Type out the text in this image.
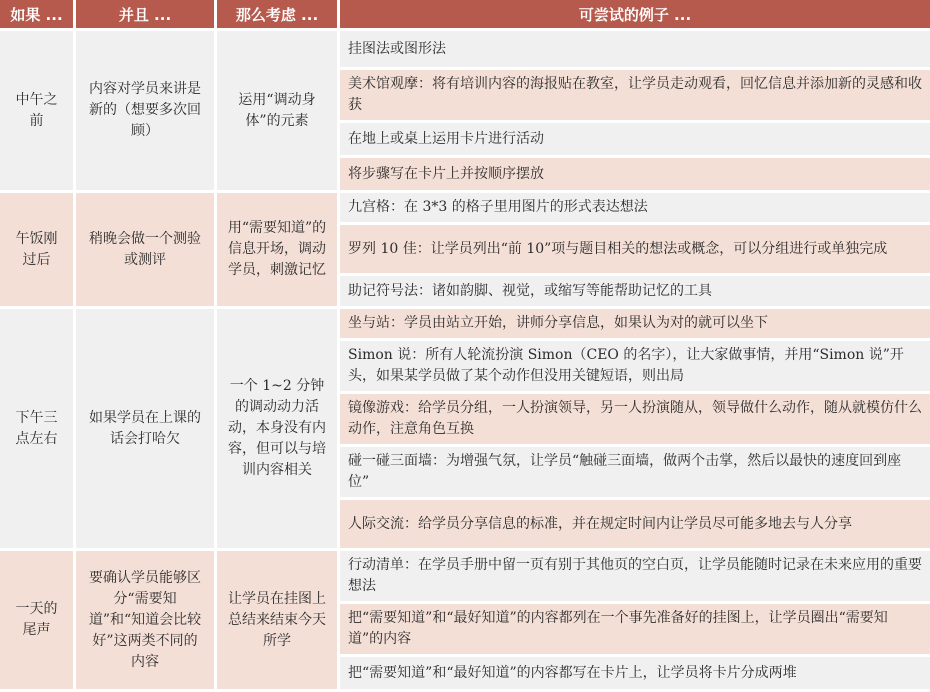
如果 ...	并且 ...	那么考虑 ...	可尝试的例子 ...
中午之前	内容对学员来讲是新的（想要多次回顾）	运用“调动身体”的元素	挂图法或图形法
			美术馆观摩：将有培训内容的海报贴在教室，让学员走动观看，回忆信息并添加新的灵感和收获
			在地上或桌上运用卡片进行活动
			将步骤写在卡片上并按顺序摆放
午饭刚过后	稍晚会做一个测验或测评	用“需要知道”的信息开场，调动学员，刺激记忆	九宫格：在 3*3 的格子里用图片的形式表达想法
			罗列 10 佳：让学员列出“前 10”项与题目相关的想法或概念，可以分组进行或单独完成
			助记符号法：诸如韵脚、视觉，或缩写等能帮助记忆的工具
下午三点左右	如果学员在上课的话会打哈欠	一个 1~2 分钟的调动动力活动，本身没有内容，但可以与培训内容相关	坐与站：学员由站立开始，讲师分享信息，如果认为对的就可以坐下
			Simon 说：所有人轮流扮演 Simon（CEO 的名字），让大家做事情，并用“Simon 说”开头，如果某学员做了某个动作但没用关键短语，则出局
			镜像游戏：给学员分组，一人扮演领导，另一人扮演随从，领导做什么动作，随从就模仿什么动作，注意角色互换
			碰一碰三面墙：为增强气氛，让学员“触碰三面墙，做两个击掌，然后以最快的速度回到座位”
			人际交流：给学员分享信息的标准，并在规定时间内让学员尽可能多地去与人分享
一天的尾声	要确认学员能够区分“需要知道”和“知道会比较好”这两类不同的内容	让学员在挂图上总结来结束今天所学	行动清单：在学员手册中留一页有别于其他页的空白页，让学员能随时记录在未来应用的重要想法
			把“需要知道”和“最好知道”的内容都列在一个事先准备好的挂图上，让学员圈出“需要知道”的内容
			把“需要知道”和“最好知道”的内容都写在卡片上，让学员将卡片分成两堆
